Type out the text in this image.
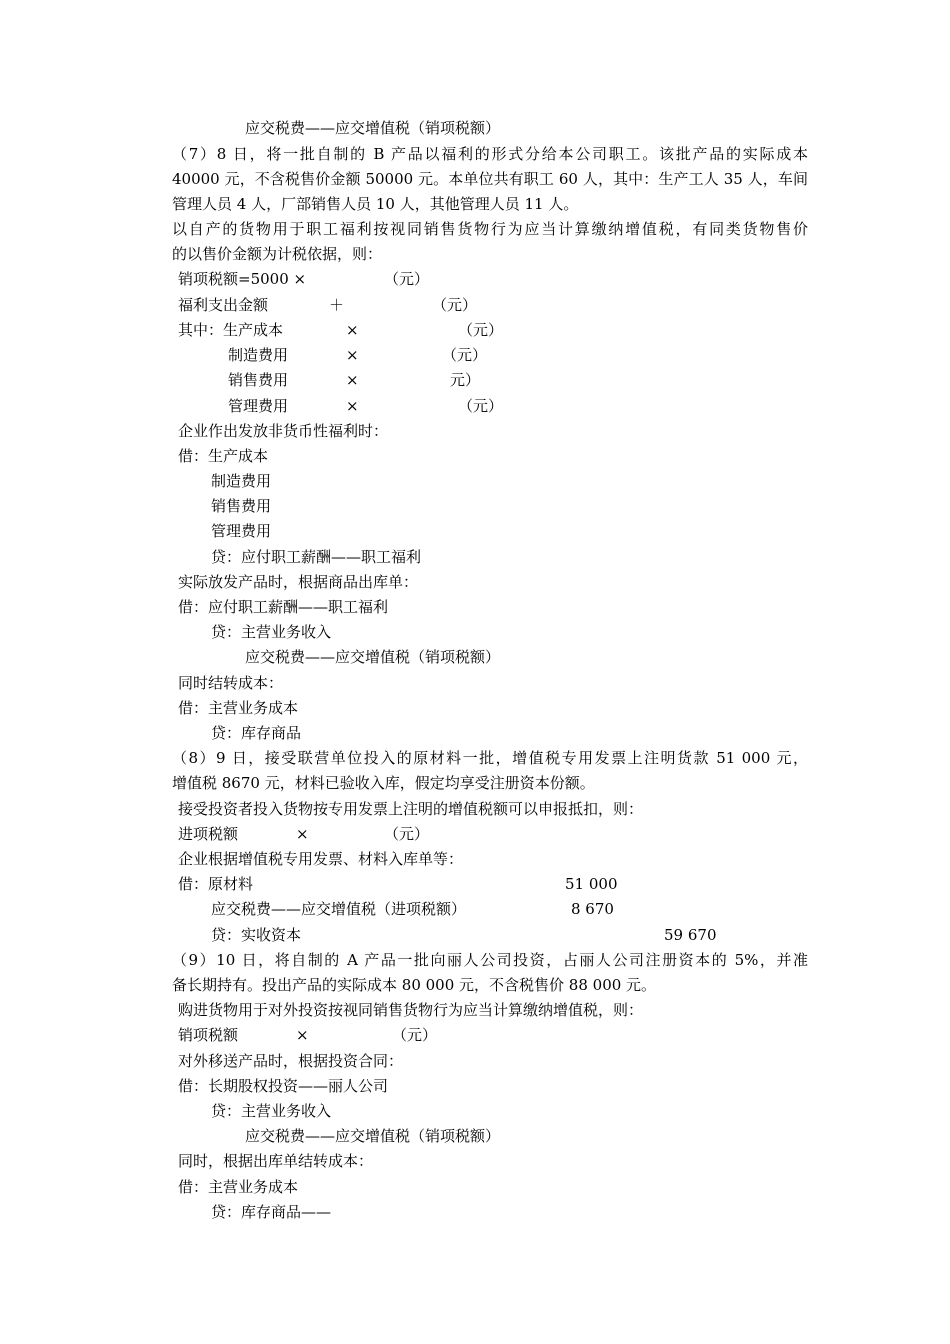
应交税费——应交增值税（销项税额）
（7）8 日，将一批自制的 B 产品以福利的形式分给本公司职工。该批产品的实际成本
40000 元，不含税售价金额 50000 元。本单位共有职工 60 人，其中：生产工人 35 人，车间
管理人员 4 人，厂部销售人员 10 人，其他管理人员 11 人。
以自产的货物用于职工福利按视同销售货物行为应当计算缴纳增值税，有同类货物售价
的以售价金额为计税依据，则：
销项税额=5000 ×	（元）
福利支出金额	＋	（元）
其中：生产成本	×	（元）
制造费用	×	（元）
销售费用	×	元）
管理费用	×	（元）
企业作出发放非货币性福利时：
借：生产成本
制造费用
销售费用
管理费用
贷：应付职工薪酬——职工福利
实际放发产品时，根据商品出库单：
借：应付职工薪酬——职工福利
贷：主营业务收入
应交税费——应交增值税（销项税额）
同时结转成本：
借：主营业务成本
贷：库存商品
（8）9 日，接受联营单位投入的原材料一批，增值税专用发票上注明货款 51 000 元，
增值税 8670 元，材料已验收入库，假定均享受注册资本份额。
接受投资者投入货物按专用发票上注明的增值税额可以申报抵扣，则：
进项税额	×	（元）
企业根据增值税专用发票、材料入库单等：
借：原材料	51 000
应交税费——应交增值税（进项税额）	8 670
贷：实收资本	59 670
（9）10 日，将自制的 A 产品一批向丽人公司投资，占丽人公司注册资本的 5%，并准
备长期持有。投出产品的实际成本 80 000 元，不含税售价 88 000 元。
购进货物用于对外投资按视同销售货物行为应当计算缴纳增值税，则：
销项税额	×	（元）
对外移送产品时，根据投资合同：
借：长期股权投资——丽人公司
贷：主营业务收入
应交税费——应交增值税（销项税额）
同时，根据出库单结转成本：
借：主营业务成本
贷：库存商品——
